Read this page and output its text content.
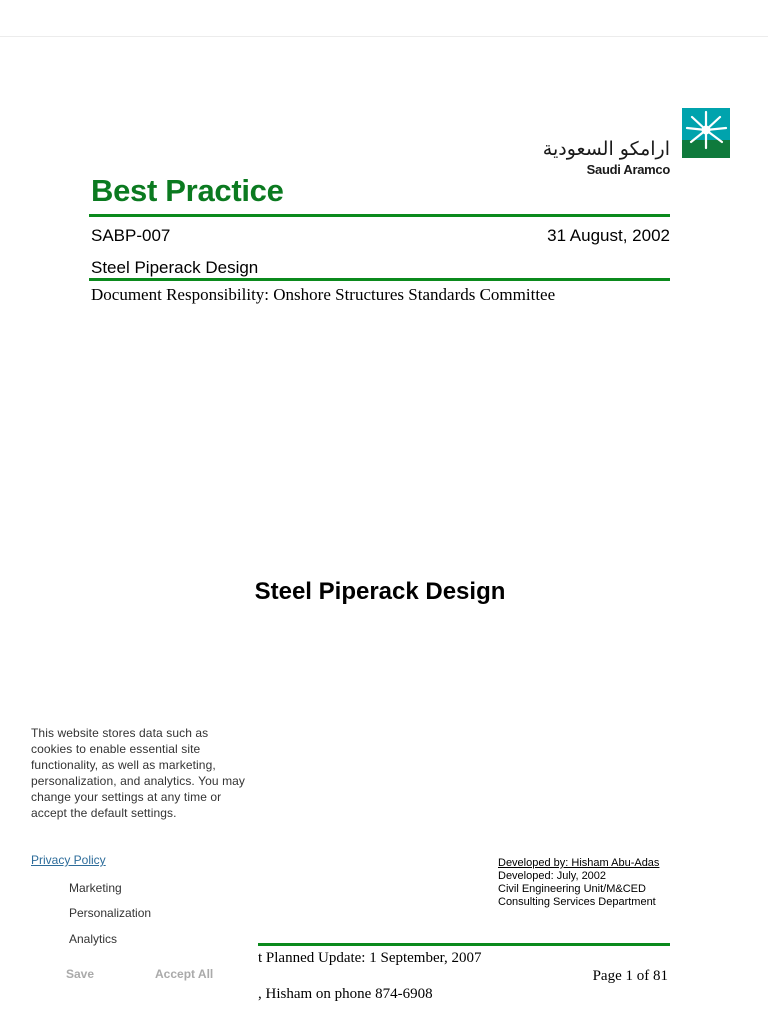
ارامكو السعودية
Saudi Aramco
Best Practice
SABP-007	31 August, 2002
Steel Piperack Design
Document Responsibility: Onshore Structures Standards Committee
Steel Piperack Design
Developed by: Hisham Abu-Adas
Developed: July, 2002
Civil Engineering Unit/M&CED
Consulting Services Department
t Planned Update: 1 September, 2007
Page 1 of 81
, Hisham on phone 874-6908
This website stores data such as cookies to enable essential site functionality, as well as marketing, personalization, and analytics. You may change your settings at any time or accept the default settings.
Privacy Policy
Marketing
Personalization
Analytics
Save	Accept All
